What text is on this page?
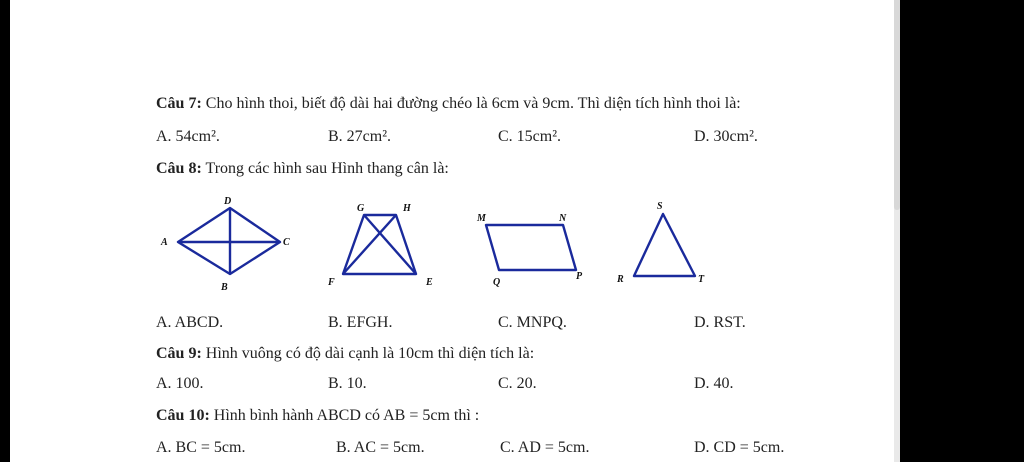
Câu 7: Cho hình thoi, biết độ dài hai đường chéo là 6cm và 9cm. Thì diện tích hình thoi là:
A. 54cm².	B. 27cm².	C. 15cm².	D. 30cm².
Câu 8: Trong các hình sau Hình thang cân là:
D
A	C
B
G	H
F	E
M	N
Q
P
S
R	T
A. ABCD.	B. EFGH.	C. MNPQ.	D. RST.
Câu 9: Hình vuông có độ dài cạnh là 10cm thì diện tích là:
A. 100.	B. 10.	C. 20.	D. 40.
Câu 10: Hình bình hành ABCD có AB = 5cm thì :
A. BC = 5cm.	B. AC = 5cm.	C. AD = 5cm.	D. CD = 5cm.
